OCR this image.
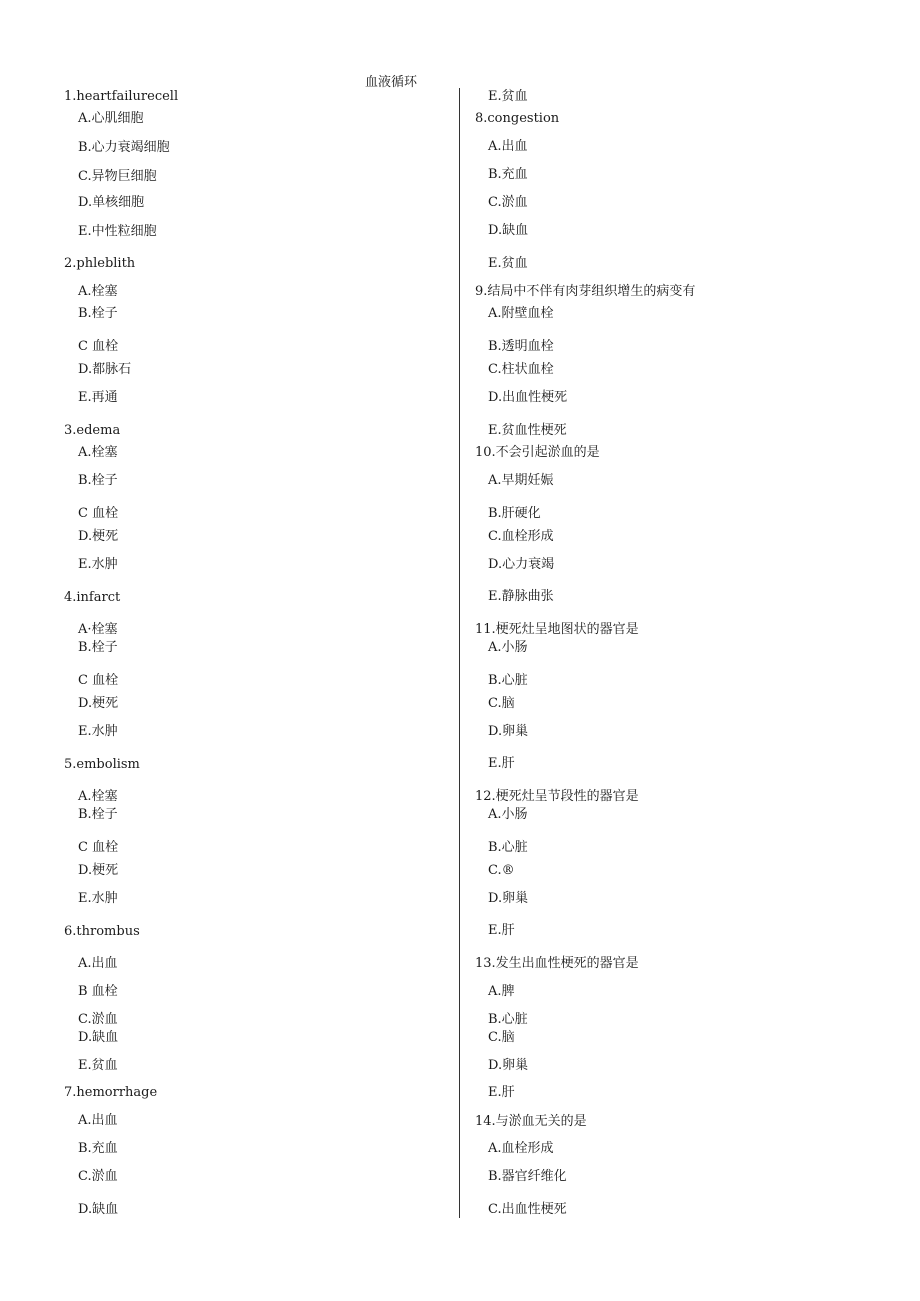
血液循环
1.heartfailurecell
A.心肌细胞
B.心力衰竭细胞
C.异物巨细胞
D.单核细胞
E.中性粒细胞
2.phleblith
A.栓塞
B.栓子
C 血栓
D.都脉石
E.再通
3.edema
A.栓塞
B.栓子
C 血栓
D.梗死
E.水肿
4.infarct
A·栓塞
B.栓子
C 血栓
D.梗死
E.水肿
5.embolism
A.栓塞
B.栓子
C 血栓
D.梗死
E.水肿
6.thrombus
A.出血
B 血栓
C.淤血
D.缺血
E.贫血
7.hemorrhage
A.出血
B.充血
C.淤血
D.缺血
E.贫血
8.congestion
A.出血
B.充血
C.淤血
D.缺血
E.贫血
9.结局中不伴有肉芽组织增生的病变有
A.附壁血栓
B.透明血栓
C.柱状血栓
D.出血性梗死
E.贫血性梗死
10.不会引起淤血的是
A.早期妊娠
B.肝硬化
C.血栓形成
D.心力衰竭
E.静脉曲张
11.梗死灶呈地图状的器官是
A.小肠
B.心脏
C.脑
D.卵巢
E.肝
12.梗死灶呈节段性的器官是
A.小肠
B.心脏
C.®
D.卵巢
E.肝
13.发生出血性梗死的器官是
A.脾
B.心脏
C.脑
D.卵巢
E.肝
14.与淤血无关的是
A.血栓形成
B.器官纤维化
C.出血性梗死
